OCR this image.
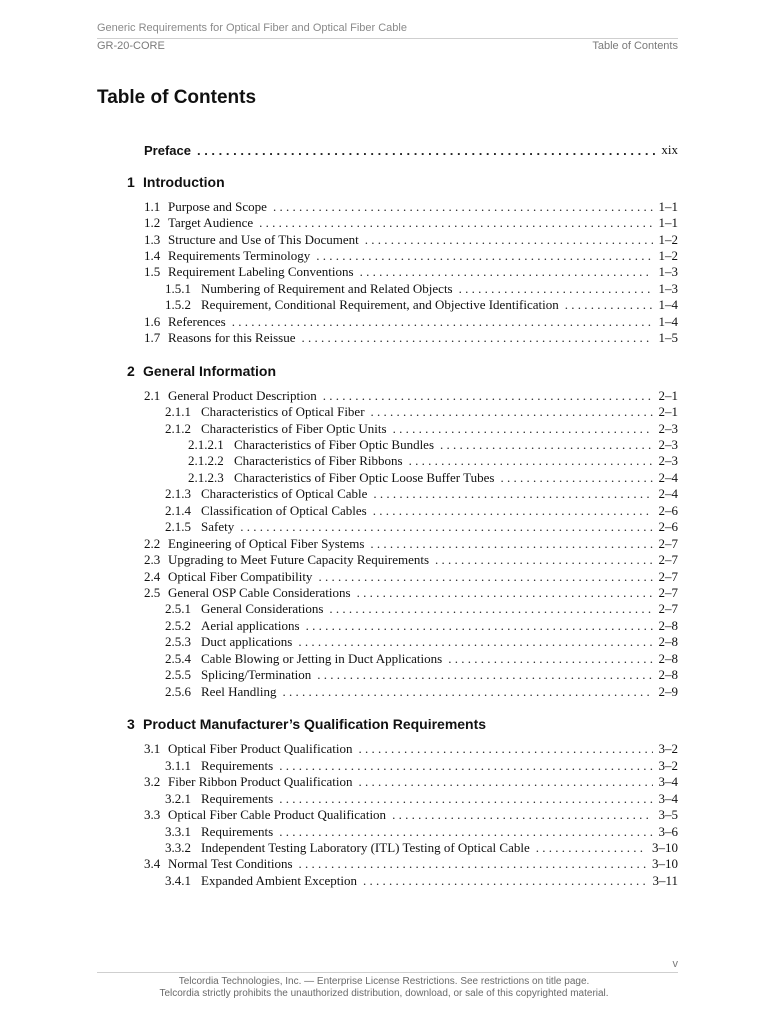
Generic Requirements for Optical Fiber and Optical Fiber Cable
GR-20-CORE	Table of Contents
Table of Contents
Preface . . .	xix
1 Introduction
1.1 Purpose and Scope . . .	1–1
1.2 Target Audience . . .	1–1
1.3 Structure and Use of This Document . . .	1–2
1.4 Requirements Terminology . . .	1–2
1.5 Requirement Labeling Conventions . . .	1–3
1.5.1 Numbering of Requirement and Related Objects . . .	1–3
1.5.2 Requirement, Conditional Requirement, and Objective Identification . . .	1–4
1.6 References . . .	1–4
1.7 Reasons for this Reissue . . .	1–5
2 General Information
2.1 General Product Description . . .	2–1
2.1.1 Characteristics of Optical Fiber . . .	2–1
2.1.2 Characteristics of Fiber Optic Units . . .	2–3
2.1.2.1 Characteristics of Fiber Optic Bundles . . .	2–3
2.1.2.2 Characteristics of Fiber Ribbons . . .	2–3
2.1.2.3 Characteristics of Fiber Optic Loose Buffer Tubes . . .	2–4
2.1.3 Characteristics of Optical Cable . . .	2–4
2.1.4 Classification of Optical Cables . . .	2–6
2.1.5 Safety . . .	2–6
2.2 Engineering of Optical Fiber Systems . . .	2–7
2.3 Upgrading to Meet Future Capacity Requirements . . .	2–7
2.4 Optical Fiber Compatibility . . .	2–7
2.5 General OSP Cable Considerations . . .	2–7
2.5.1 General Considerations . . .	2–7
2.5.2 Aerial applications . . .	2–8
2.5.3 Duct applications . . .	2–8
2.5.4 Cable Blowing or Jetting in Duct Applications . . .	2–8
2.5.5 Splicing/Termination . . .	2–8
2.5.6 Reel Handling . . .	2–9
3 Product Manufacturer’s Qualification Requirements
3.1 Optical Fiber Product Qualification . . .	3–2
3.1.1 Requirements . . .	3–2
3.2 Fiber Ribbon Product Qualification . . .	3–4
3.2.1 Requirements . . .	3–4
3.3 Optical Fiber Cable Product Qualification . . .	3–5
3.3.1 Requirements . . .	3–6
3.3.2 Independent Testing Laboratory (ITL) Testing of Optical Cable . . .	3–10
3.4 Normal Test Conditions . . .	3–10
3.4.1 Expanded Ambient Exception . . .	3–11
v
Telcordia Technologies, Inc. — Enterprise License Restrictions. See restrictions on title page.
Telcordia strictly prohibits the unauthorized distribution, download, or sale of this copyrighted material.
